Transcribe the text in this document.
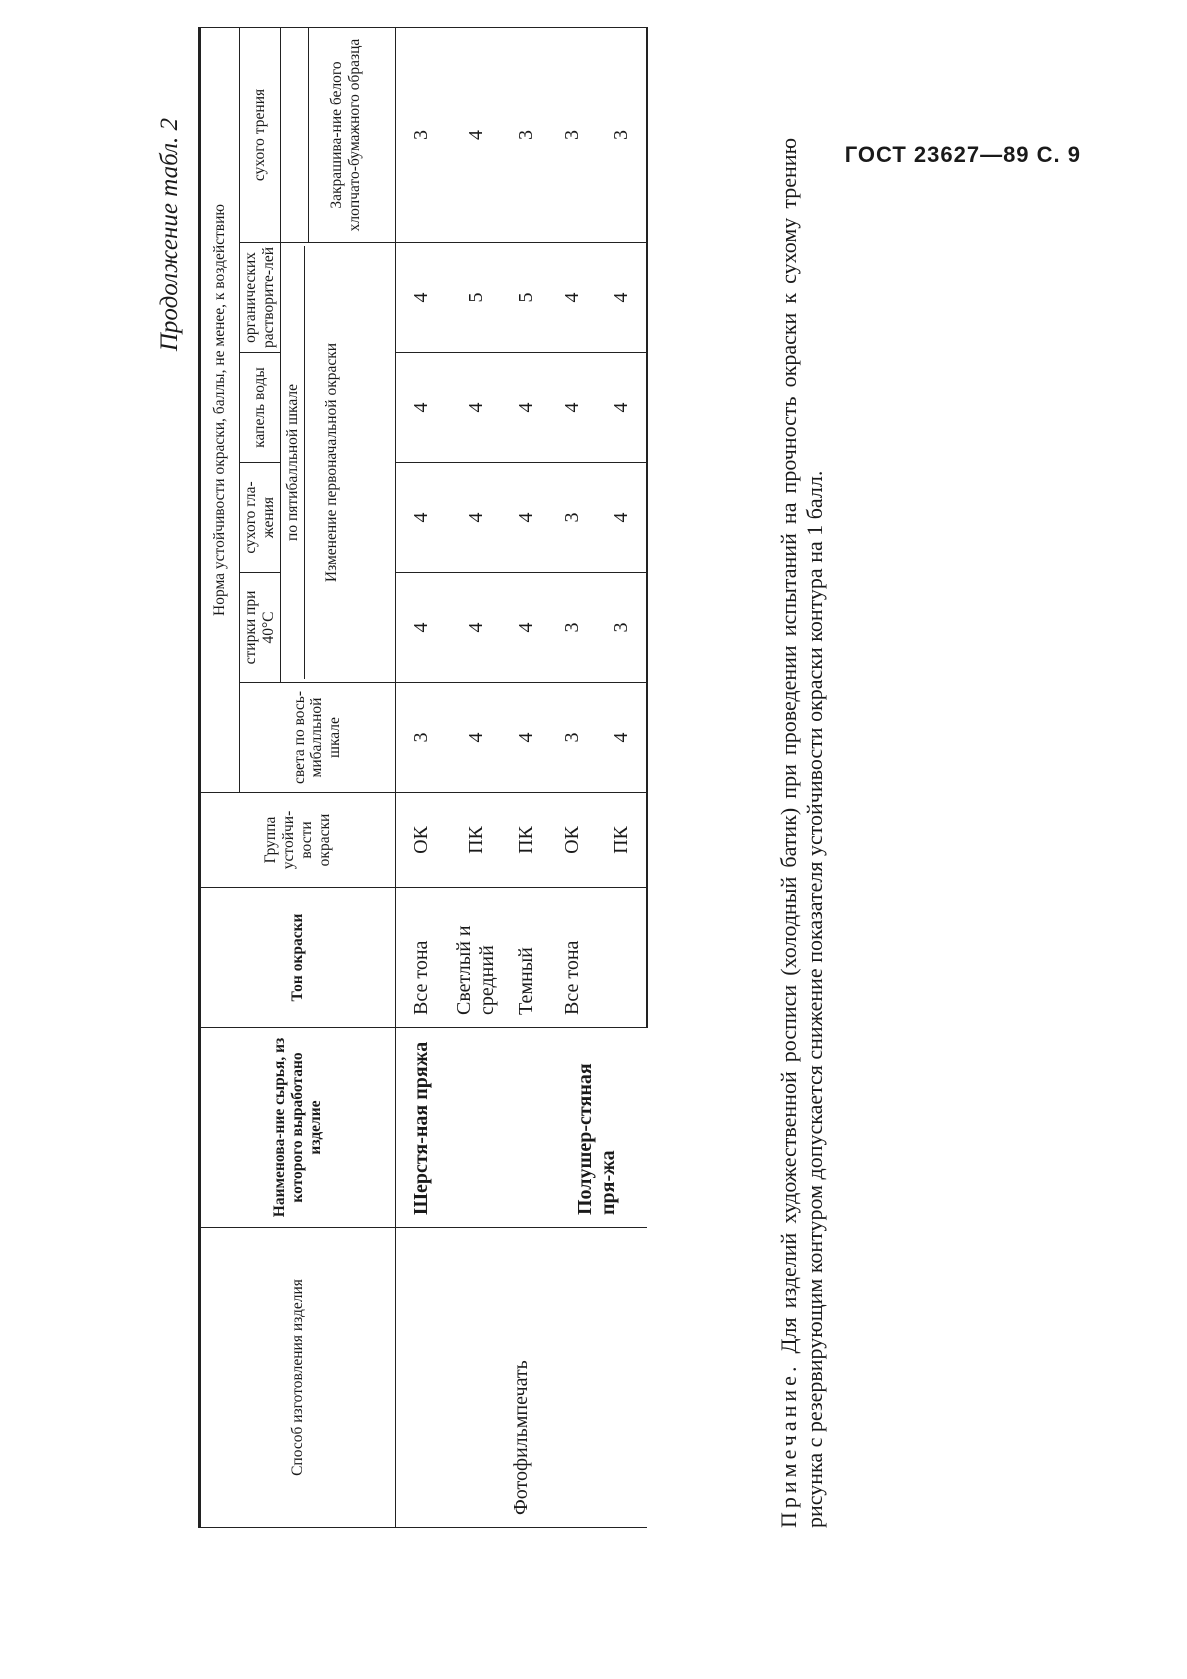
ГОСТ 23627—89 С. 9
Продолжение табл. 2
Способ изготовления изделия	Наименова-ние сырья, из которого выработано изделие	Тон окраски	Группа устойчи-вости окраски	Норма устойчивости окраски, баллы, не менее, к воздействию					
				света по вось-мибалльной шкале	стирки при 40°С	сухого гла-жения	капель воды	органических растворите-лей	сухого трения

					по пятибалльной шкале Изменение первоначальной окраски				Закрашива-ние белого хлопчато-бумажного образца

Фотофильмпечать	Шерстя-ная пряжа	Все тона	ОК	3	4	4	4	4	3
		Светлый и средний	ПК	4	4	4	4	5	4
		Темный	ПК	4	4	4	4	5	3
	Полушер-стяная пря-жа	Все тона	ОК	3	3	3	4	4	3
			ПК	4	3	4	4	4	3
Примечание. Для изделий художественной росписи (холодный батик) при проведении испытаний на прочность окраски к сухому трению рисунка с резервирующим контуром допускается снижение показателя устойчивости окраски контура на 1 балл.
